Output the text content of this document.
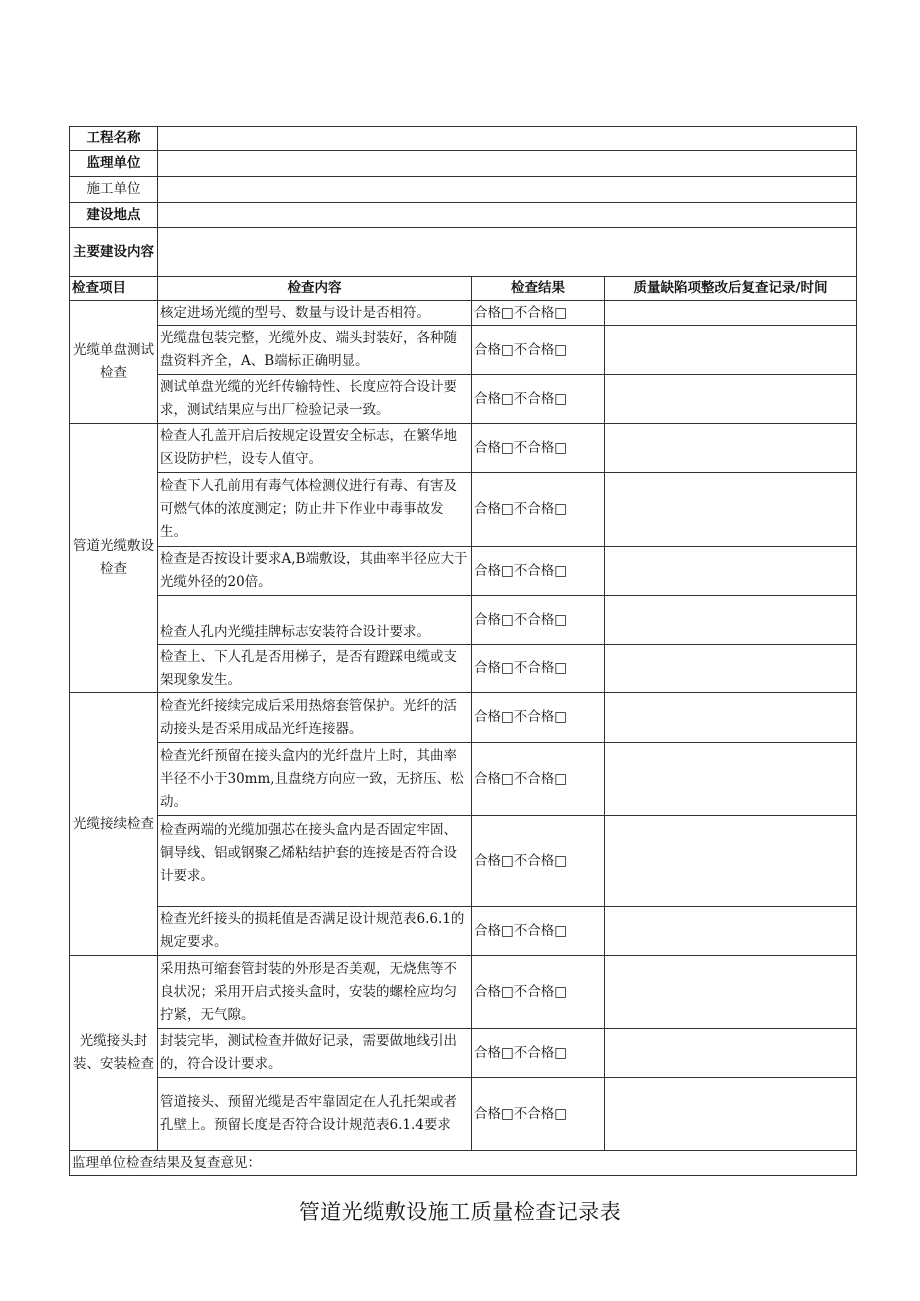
工程名称			
监理单位			
施工单位			
建设地点			
主要建设内容			
检查项目	检查内容	检查结果	质量缺陷项整改后复查记录/时间
光缆单盘测试检查	核定进场光缆的型号、数量与设计是否相符。	合格□不合格□	
	光缆盘包装完整，光缆外皮、端头封装好，各种随盘资料齐全，A、B端标正确明显。	合格□不合格□	
	测试单盘光缆的光纤传输特性、长度应符合设计要求，测试结果应与出厂检验记录一致。	合格□不合格□	
管道光缆敷设检查	检查人孔盖开启后按规定设置安全标志，在繁华地区设防护栏，设专人值守。	合格□不合格□	
	检查下人孔前用有毒气体检测仪进行有毒、有害及可燃气体的浓度测定；防止井下作业中毒事故发生。	合格□不合格□	
	检查是否按设计要求A,B端敷设，其曲率半径应大于光缆外径的20倍。	合格□不合格□	
	检查人孔内光缆挂牌标志安装符合设计要求。	合格□不合格□	
	检查上、下人孔是否用梯子，是否有蹬踩电缆或支架现象发生。	合格□不合格□	
光缆接续检查	检查光纤接续完成后采用热熔套管保护。光纤的活动接头是否采用成品光纤连接器。	合格□不合格□	
	检查光纤预留在接头盒内的光纤盘片上时，其曲率半径不小于30mm,且盘绕方向应一致，无挤压、松动。	合格□不合格□	
	检查两端的光缆加强芯在接头盒内是否固定牢固、铜导线、铝或钢聚乙烯粘结护套的连接是否符合设计要求。	合格□不合格□	
	检查光纤接头的损耗值是否满足设计规范表6.6.1的规定要求。	合格□不合格□	
光缆接头封装、安装检查	采用热可缩套管封装的外形是否美观，无烧焦等不良状况；采用开启式接头盒时，安装的螺栓应均匀拧紧，无气隙。	合格□不合格□	
	封装完毕，测试检查并做好记录，需要做地线引出的，符合设计要求。	合格□不合格□	
	管道接头、预留光缆是否牢靠固定在人孔托架或者孔壁上。预留长度是否符合设计规范表6.1.4要求	合格□不合格□	
监理单位检查结果及复查意见：			
管道光缆敷设施工质量检查记录表
